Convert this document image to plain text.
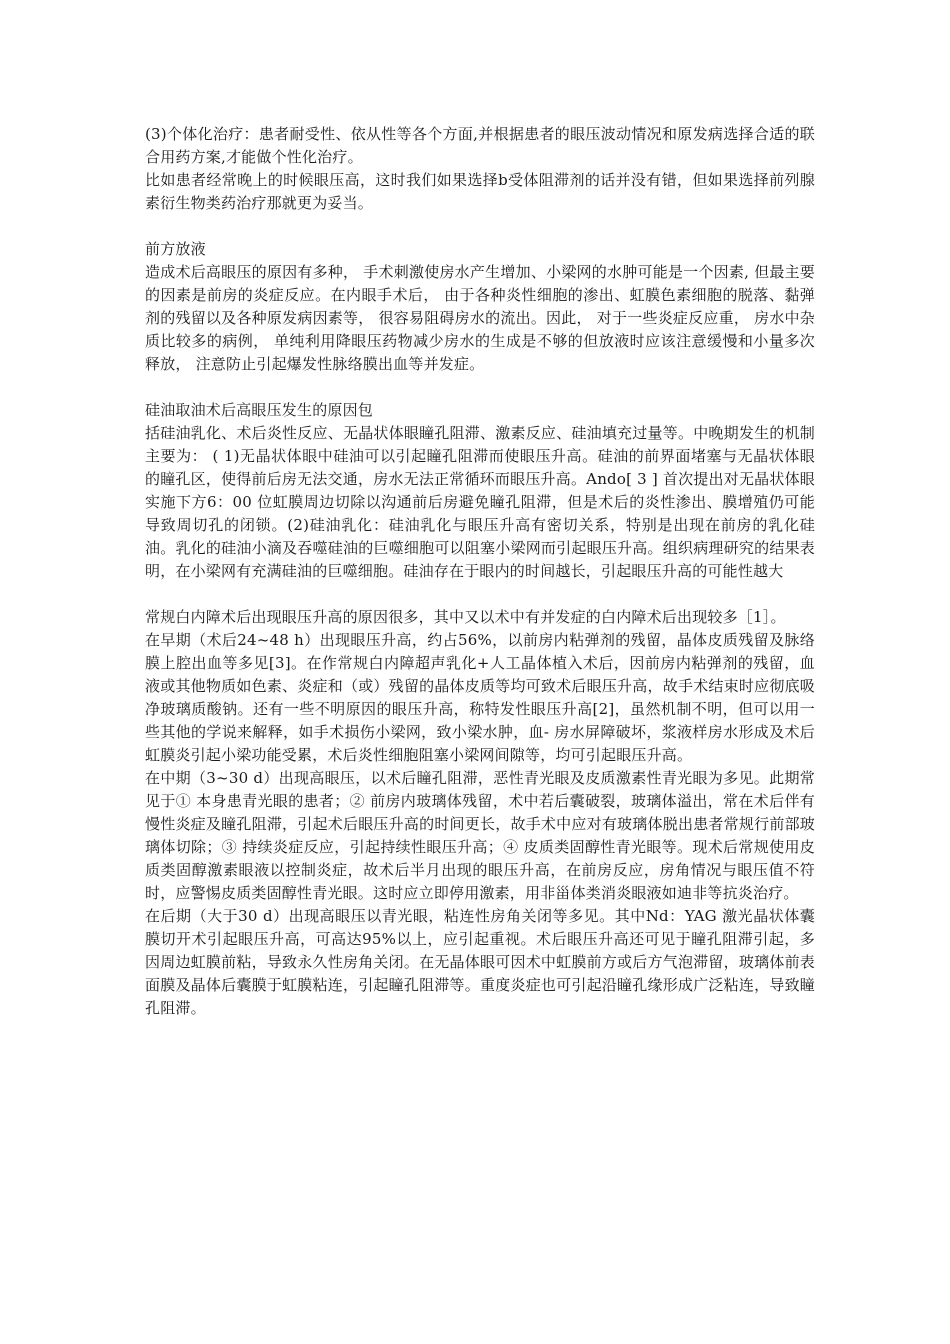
(3)个体化治疗：患者耐受性、依从性等各个方面,并根据患者的眼压波动情况和原发病选择合适的联合用药方案,才能做个性化治疗。

比如患者经常晚上的时候眼压高，这时我们如果选择b受体阻滞剂的话并没有错，但如果选择前列腺素衍生物类药治疗那就更为妥当。

前方放液

造成术后高眼压的原因有多种， 手术刺激使房水产生增加、小梁网的水肿可能是一个因素, 但最主要的因素是前房的炎症反应。在内眼手术后， 由于各种炎性细胞的渗出、虹膜色素细胞的脱落、黏弹剂的残留以及各种原发病因素等， 很容易阻碍房水的流出。因此， 对于一些炎症反应重， 房水中杂质比较多的病例， 单纯利用降眼压药物减少房水的生成是不够的但放液时应该注意缓慢和小量多次释放， 注意防止引起爆发性脉络膜出血等并发症。

硅油取油术后高眼压发生的原因包

括硅油乳化、术后炎性反应、无晶状体眼瞳孔阻滞、激素反应、硅油填充过量等。中晚期发生的机制主要为： ( 1)无晶状体眼中硅油可以引起瞳孔阻滞而使眼压升高。硅油的前界面堵塞与无晶状体眼的瞳孔区，使得前后房无法交通，房水无法正常循环而眼压升高。Ando[ 3 ] 首次提出对无晶状体眼实施下方6：00 位虹膜周边切除以沟通前后房避免瞳孔阻滞，但是术后的炎性渗出、膜增殖仍可能导致周切孔的闭锁。(2)硅油乳化：硅油乳化与眼压升高有密切关系，特别是出现在前房的乳化硅油。乳化的硅油小滴及吞噬硅油的巨噬细胞可以阻塞小梁网而引起眼压升高。组织病理研究的结果表明，在小梁网有充满硅油的巨噬细胞。硅油存在于眼内的时间越长，引起眼压升高的可能性越大

常规白内障术后出现眼压升高的原因很多，其中又以术中有并发症的白内障术后出现较多［1］。

在早期（术后24~48 h）出现眼压升高，约占56%，以前房内粘弹剂的残留，晶体皮质残留及脉络膜上腔出血等多见[3]。在作常规白内障超声乳化+人工晶体植入术后，因前房内粘弹剂的残留，血液或其他物质如色素、炎症和（或）残留的晶体皮质等均可致术后眼压升高，故手术结束时应彻底吸净玻璃质酸钠。还有一些不明原因的眼压升高，称特发性眼压升高[2]，虽然机制不明，但可以用一些其他的学说来解释，如手术损伤小梁网，致小梁水肿，血- 房水屏障破坏，浆液样房水形成及术后虹膜炎引起小梁功能受累，术后炎性细胞阻塞小梁网间隙等，均可引起眼压升高。

在中期（3~30 d）出现高眼压，以术后瞳孔阻滞，恶性青光眼及皮质激素性青光眼为多见。此期常见于① 本身患青光眼的患者；② 前房内玻璃体残留，术中若后囊破裂，玻璃体溢出，常在术后伴有慢性炎症及瞳孔阻滞，引起术后眼压升高的时间更长，故手术中应对有玻璃体脱出患者常规行前部玻璃体切除；③ 持续炎症反应，引起持续性眼压升高；④ 皮质类固醇性青光眼等。现术后常规使用皮质类固醇激素眼液以控制炎症，故术后半月出现的眼压升高，在前房反应，房角情况与眼压值不符时，应警惕皮质类固醇性青光眼。这时应立即停用激素，用非甾体类消炎眼液如迪非等抗炎治疗。

在后期（大于30 d）出现高眼压以青光眼，粘连性房角关闭等多见。其中Nd：YAG 激光晶状体囊膜切开术引起眼压升高，可高达95%以上，应引起重视。术后眼压升高还可见于瞳孔阻滞引起，多因周边虹膜前粘，导致永久性房角关闭。在无晶体眼可因术中虹膜前方或后方气泡滞留，玻璃体前表面膜及晶体后囊膜于虹膜粘连，引起瞳孔阻滞等。重度炎症也可引起沿瞳孔缘形成广泛粘连，导致瞳孔阻滞。
